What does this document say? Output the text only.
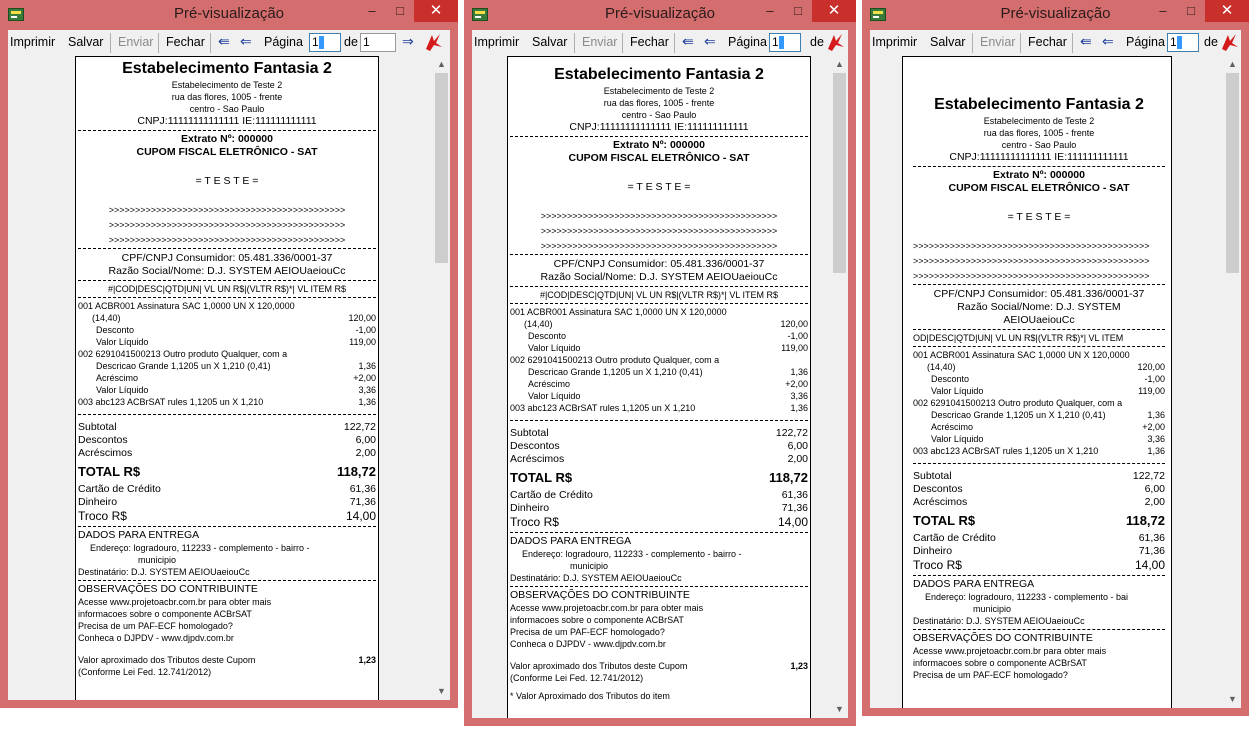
Pré-visualização	–	□	✕
Imprimir Salvar Enviar Fechar ⇚ ⇐ Página 1	de 1	⇒
Estabelecimento Fantasia 2
Estabelecimento de Teste 2
rua das flores, 1005 - frente
centro - Sao Paulo
CNPJ:11111111111111 IE:111111111111
Extrato Nº: 000000
CUPOM FISCAL ELETRÔNICO - SAT
= T E S T E =
>>>>>>>>>>>>>>>>>>>>>>>>>>>>>>>>>>>>>>>>>>>>>
>>>>>>>>>>>>>>>>>>>>>>>>>>>>>>>>>>>>>>>>>>>>>
>>>>>>>>>>>>>>>>>>>>>>>>>>>>>>>>>>>>>>>>>>>>>
CPF/CNPJ Consumidor: 05.481.336/0001-37
Razão Social/Nome: D.J. SYSTEM AEIOUaeiouCc
#|COD|DESC|QTD|UN| VL UN R$|(VLTR R$)*| VL ITEM R$
001 ACBR001 Assinatura SAC 1,0000 UN X 120,0000
(14,40)	120,00
Desconto	-1,00
Valor Líquido	119,00
002 6291041500213 Outro produto Qualquer, com a
Descricao Grande 1,1205 un X 1,210 (0,41)	1,36
Acréscimo	+2,00
Valor Líquido	3,36
003 abc123 ACBrSAT rules 1,1205 un X 1,210	1,36
Subtotal	122,72
Descontos	6,00
Acréscimos	2,00
TOTAL R$	118,72
Cartão de Crédito	61,36
Dinheiro	71,36
Troco R$	14,00
DADOS PARA ENTREGA
Endereço: logradouro, 112233 - complemento - bairro -
municipio
Destinatário: D.J. SYSTEM AEIOUaeiouCc
OBSERVAÇÕES DO CONTRIBUINTE
Acesse www.projetoacbr.com.br para obter mais
informacoes sobre o componente ACBrSAT
Precisa de um PAF-ECF homologado?
Conheca o DJPDV - www.djpdv.com.br
Valor aproximado dos Tributos deste Cupom	1,23
(Conforme Lei Fed. 12.741/2012)
▲
▼
Pré-visualização	–	□	✕
Imprimir Salvar Enviar Fechar ⇚ ⇐ Página 1	de
Estabelecimento Fantasia 2
Estabelecimento de Teste 2
rua das flores, 1005 - frente
centro - Sao Paulo
CNPJ:11111111111111 IE:111111111111
Extrato Nº: 000000
CUPOM FISCAL ELETRÔNICO - SAT
= T E S T E =
>>>>>>>>>>>>>>>>>>>>>>>>>>>>>>>>>>>>>>>>>>>>>
>>>>>>>>>>>>>>>>>>>>>>>>>>>>>>>>>>>>>>>>>>>>>
>>>>>>>>>>>>>>>>>>>>>>>>>>>>>>>>>>>>>>>>>>>>>
CPF/CNPJ Consumidor: 05.481.336/0001-37
Razão Social/Nome: D.J. SYSTEM AEIOUaeiouCc
#|COD|DESC|QTD|UN| VL UN R$|(VLTR R$)*| VL ITEM R$
001 ACBR001 Assinatura SAC 1,0000 UN X 120,0000
(14,40)	120,00
Desconto	-1,00
Valor Líquido	119,00
002 6291041500213 Outro produto Qualquer, com a
Descricao Grande 1,1205 un X 1,210 (0,41)	1,36
Acréscimo	+2,00
Valor Líquido	3,36
003 abc123 ACBrSAT rules 1,1205 un X 1,210	1,36
Subtotal	122,72
Descontos	6,00
Acréscimos	2,00
TOTAL R$	118,72
Cartão de Crédito	61,36
Dinheiro	71,36
Troco R$	14,00
DADOS PARA ENTREGA
Endereço: logradouro, 112233 - complemento - bairro -
municipio
Destinatário: D.J. SYSTEM AEIOUaeiouCc
OBSERVAÇÕES DO CONTRIBUINTE
Acesse www.projetoacbr.com.br para obter mais
informacoes sobre o componente ACBrSAT
Precisa de um PAF-ECF homologado?
Conheca o DJPDV - www.djpdv.com.br
Valor aproximado dos Tributos deste Cupom	1,23
(Conforme Lei Fed. 12.741/2012)
* Valor Aproximado dos Tributos do item
▲
▼
Pré-visualização	–	□	✕
Imprimir Salvar Enviar Fechar ⇚ ⇐ Página 1	de
Estabelecimento Fantasia 2
Estabelecimento de Teste 2
rua das flores, 1005 - frente
centro - Sao Paulo
CNPJ:11111111111111 IE:111111111111
Extrato Nº: 000000
CUPOM FISCAL ELETRÔNICO - SAT
= T E S T E =
>>>>>>>>>>>>>>>>>>>>>>>>>>>>>>>>>>>>>>>>>>>>>
>>>>>>>>>>>>>>>>>>>>>>>>>>>>>>>>>>>>>>>>>>>>>
>>>>>>>>>>>>>>>>>>>>>>>>>>>>>>>>>>>>>>>>>>>>>
CPF/CNPJ Consumidor: 05.481.336/0001-37
Razão Social/Nome: D.J. SYSTEM
AEIOUaeiouCc
OD|DESC|QTD|UN| VL UN R$|(VLTR R$)*| VL ITEM
001 ACBR001 Assinatura SAC 1,0000 UN X 120,0000
(14,40)	120,00
Desconto	-1,00
Valor Líquido	119,00
002 6291041500213 Outro produto Qualquer, com a
Descricao Grande 1,1205 un X 1,210 (0,41)	1,36
Acréscimo	+2,00
Valor Líquido	3,36
003 abc123 ACBrSAT rules 1,1205 un X 1,210	1,36
Subtotal	122,72
Descontos	6,00
Acréscimos	2,00
TOTAL R$	118,72
Cartão de Crédito	61,36
Dinheiro	71,36
Troco R$	14,00
DADOS PARA ENTREGA
Endereço: logradouro, 112233 - complemento - bai
municipio
Destinatário: D.J. SYSTEM AEIOUaeiouCc
OBSERVAÇÕES DO CONTRIBUINTE
Acesse www.projetoacbr.com.br para obter mais
informacoes sobre o componente ACBrSAT
Precisa de um PAF-ECF homologado?
▲
▼
